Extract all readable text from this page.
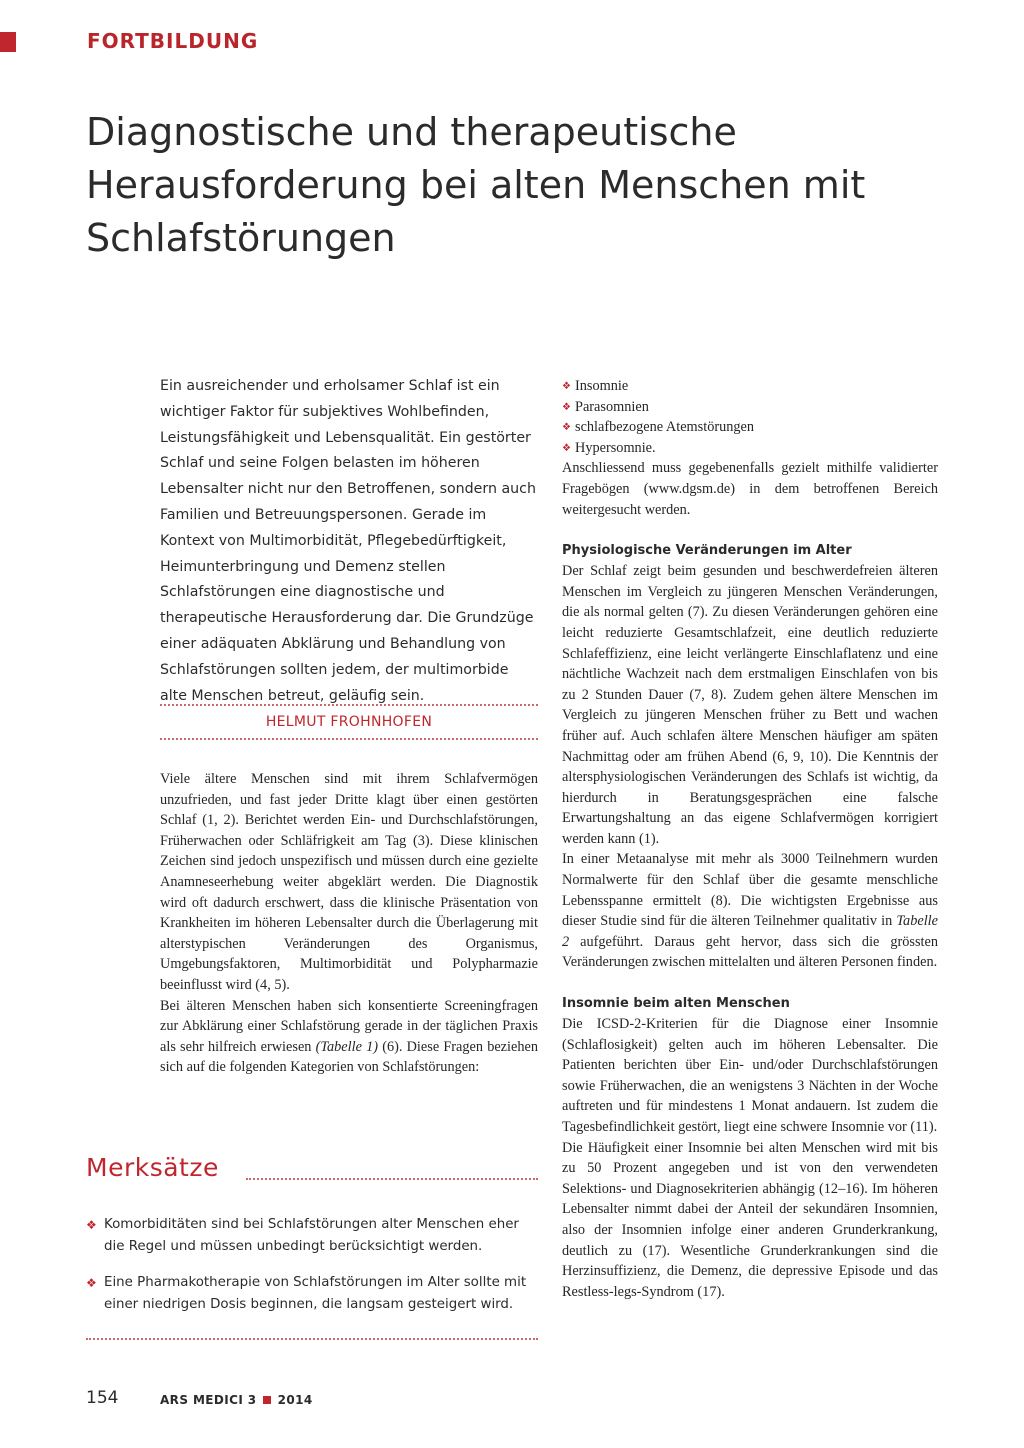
FORTBILDUNG
Diagnostische und therapeutische Herausforderung bei alten Menschen mit Schlafstörungen
Ein ausreichender und erholsamer Schlaf ist ein wichtiger Faktor für subjektives Wohlbefinden, Leistungsfähigkeit und Lebensqualität. Ein gestörter Schlaf und seine Folgen belasten im höheren Lebensalter nicht nur den Betroffenen, sondern auch Familien und Betreuungspersonen. Gerade im Kontext von Multimorbidität, Pflegebedürftigkeit, Heimunterbringung und Demenz stellen Schlafstörungen eine diagnostische und therapeutische Herausforderung dar. Die Grundzüge einer adäquaten Abklärung und Behandlung von Schlafstörungen sollten jedem, der multimorbide alte Menschen betreut, geläufig sein.
HELMUT FROHNHOFEN

Viele ältere Menschen sind mit ihrem Schlafvermögen unzufrieden, und fast jeder Dritte klagt über einen gestörten Schlaf (1, 2). Berichtet werden Ein- und Durchschlafstörungen, Früherwachen oder Schläfrigkeit am Tag (3). Diese klinischen Zeichen sind jedoch unspezifisch und müssen durch eine gezielte Anamneseerhebung weiter abgeklärt werden. Die Diagnostik wird oft dadurch erschwert, dass die klinische Präsentation von Krankheiten im höheren Lebensalter durch die Überlagerung mit alterstypischen Veränderungen des Organismus, Umgebungsfaktoren, Multimorbidität und Polypharmazie beeinflusst wird (4, 5).

Bei älteren Menschen haben sich konsentierte Screeningfragen zur Abklärung einer Schlafstörung gerade in der täglichen Praxis als sehr hilfreich erwiesen (Tabelle 1) (6). Diese Fragen beziehen sich auf die folgenden Kategorien von Schlafstörungen:

Merksätze
❖ Komorbiditäten sind bei Schlafstörungen alter Menschen eher die Regel und müssen unbedingt berücksichtigt werden.
❖ Eine Pharmakotherapie von Schlafstörungen im Alter sollte mit einer niedrigen Dosis beginnen, die langsam gesteigert wird.
❖ Insomnie
❖ Parasomnien
❖ schlafbezogene Atemstörungen
❖ Hypersomnie.

Anschliessend muss gegebenenfalls gezielt mithilfe validierter Fragebögen (www.dgsm.de) in dem betroffenen Bereich weitergesucht werden.

Physiologische Veränderungen im Alter

Der Schlaf zeigt beim gesunden und beschwerdefreien älteren Menschen im Vergleich zu jüngeren Menschen Veränderungen, die als normal gelten (7). Zu diesen Veränderungen gehören eine leicht reduzierte Gesamtschlafzeit, eine deutlich reduzierte Schlafeffizienz, eine leicht verlängerte Einschlaflatenz und eine nächtliche Wachzeit nach dem erstmaligen Einschlafen von bis zu 2 Stunden Dauer (7, 8). Zudem gehen ältere Menschen im Vergleich zu jüngeren Menschen früher zu Bett und wachen früher auf. Auch schlafen ältere Menschen häufiger am späten Nachmittag oder am frühen Abend (6, 9, 10). Die Kenntnis der altersphysiologischen Veränderungen des Schlafs ist wichtig, da hierdurch in Beratungsgesprächen eine falsche Erwartungshaltung an das eigene Schlafvermögen korrigiert werden kann (1).

In einer Metaanalyse mit mehr als 3000 Teilnehmern wurden Normalwerte für den Schlaf über die gesamte menschliche Lebensspanne ermittelt (8). Die wichtigsten Ergebnisse aus dieser Studie sind für die älteren Teilnehmer qualitativ in Tabelle 2 aufgeführt. Daraus geht hervor, dass sich die grössten Veränderungen zwischen mittelalten und älteren Personen finden.

Insomnie beim alten Menschen

Die ICSD-2-Kriterien für die Diagnose einer Insomnie (Schlaflosigkeit) gelten auch im höheren Lebensalter. Die Patienten berichten über Ein- und/oder Durchschlafstörungen sowie Früherwachen, die an wenigstens 3 Nächten in der Woche auftreten und für mindestens 1 Monat andauern. Ist zudem die Tagesbefindlichkeit gestört, liegt eine schwere Insomnie vor (11).

Die Häufigkeit einer Insomnie bei alten Menschen wird mit bis zu 50 Prozent angegeben und ist von den verwendeten Selektions- und Diagnosekriterien abhängig (12–16). Im höheren Lebensalter nimmt dabei der Anteil der sekundären Insomnien, also der Insomnien infolge einer anderen Grunderkrankung, deutlich zu (17). Wesentliche Grunderkrankungen sind die Herzinsuffizienz, die Demenz, die depressive Episode und das Restless-legs-Syndrom (17).

154	ARS MEDICI 3 2014
